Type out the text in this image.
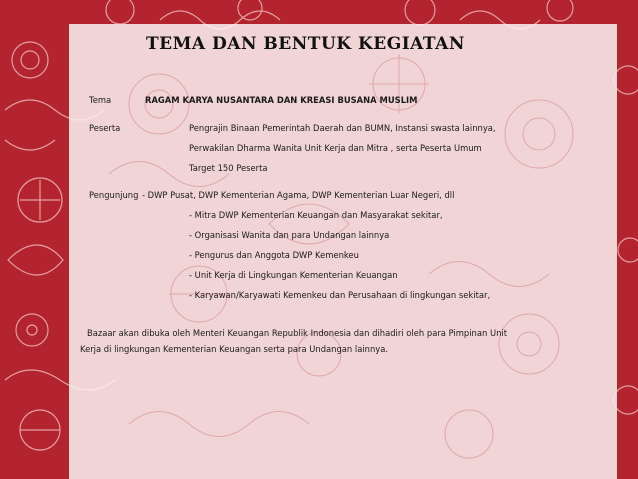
TEMA DAN BENTUK KEGIATAN
Tema	RAGAM KARYA NUSANTARA DAN KREASI BUSANA MUSLIM
Peserta	Pengrajin Binaan Pemerintah Daerah dan BUMN, Instansi swasta lainnya,
Perwakilan Dharma Wanita Unit Kerja dan Mitra , serta Peserta Umum
Target 150 Peserta
Pengunjung - DWP Pusat, DWP Kementerian Agama, DWP Kementerian Luar Negeri, dll
- Mitra DWP Kementerian Keuangan dan Masyarakat sekitar,
- Organisasi Wanita dan para Undangan lainnya
- Pengurus dan Anggota DWP Kemenkeu
- Unit Kerja di Lingkungan Kementerian Keuangan
- Karyawan/Karyawati Kemenkeu dan Perusahaan di lingkungan sekitar,
Bazaar akan dibuka oleh Menteri Keuangan Republik Indonesia dan dihadiri oleh para Pimpinan Unit
Kerja di lingkungan Kementerian Keuangan serta para Undangan lainnya.
